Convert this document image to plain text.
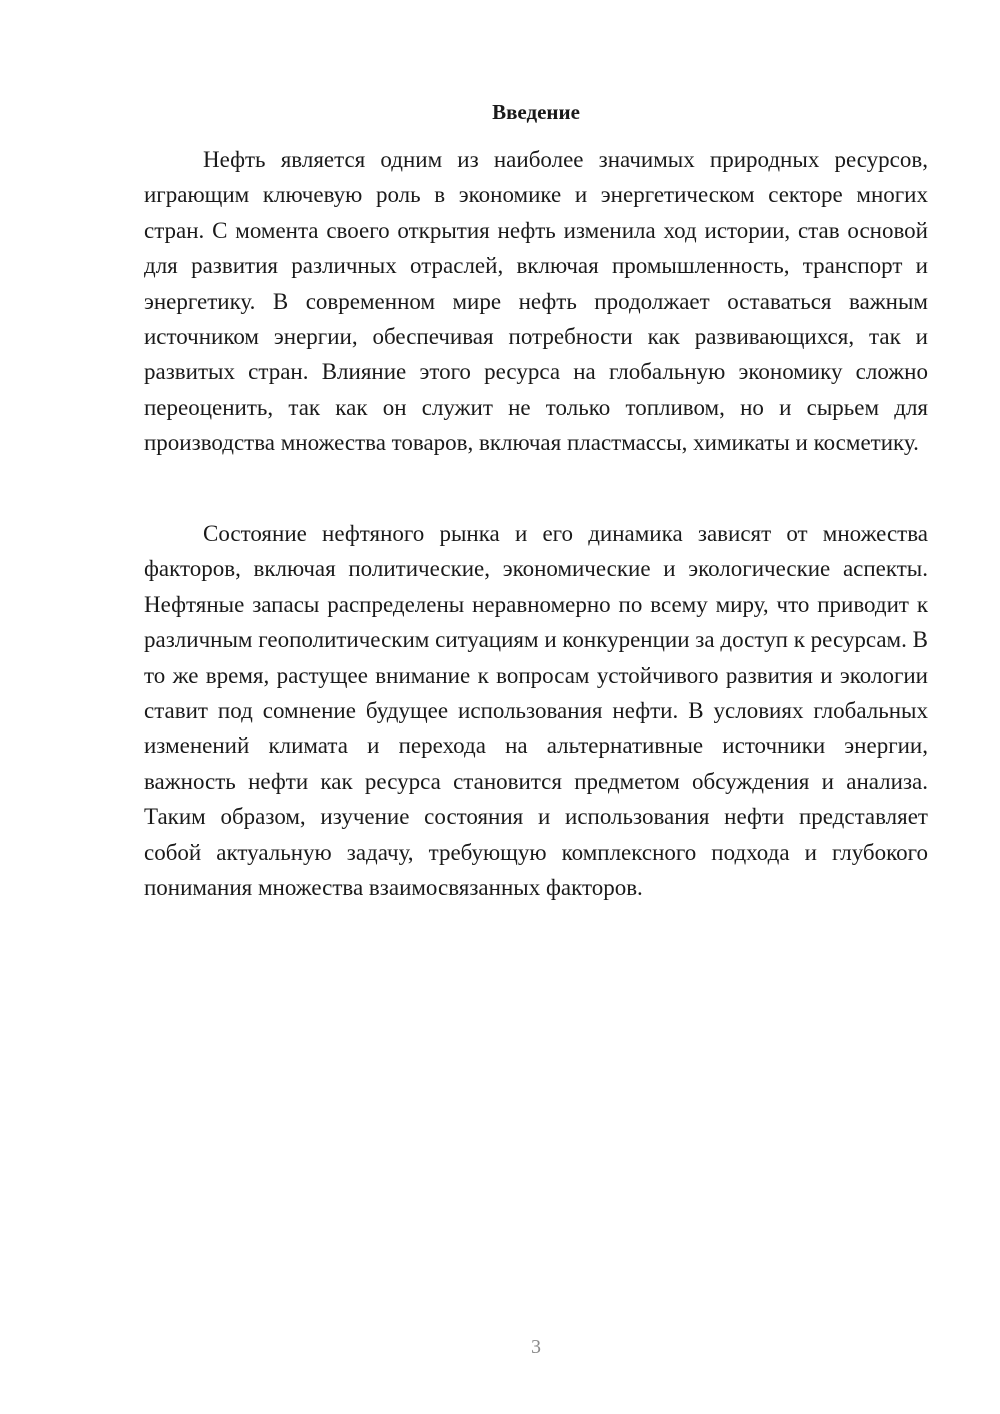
Введение

Нефть является одним из наиболее значимых природных ресурсов, играющим ключевую роль в экономике и энергетическом секторе многих стран. С момента своего открытия нефть изменила ход истории, став основой для развития различных отраслей, включая промышленность, транспорт и энергетику. В современном мире нефть продолжает оставаться важным источником энергии, обеспечивая потребности как развивающихся, так и развитых стран. Влияние этого ресурса на глобальную экономику сложно переоценить, так как он служит не только топливом, но и сырьем для производства множества товаров, включая пластмассы, химикаты и косметику.

Состояние нефтяного рынка и его динамика зависят от множества факторов, включая политические, экономические и экологические аспекты. Нефтяные запасы распределены неравномерно по всему миру, что приводит к различным геополитическим ситуациям и конкуренции за доступ к ресурсам. В то же время, растущее внимание к вопросам устойчивого развития и экологии ставит под сомнение будущее использования нефти. В условиях глобальных изменений климата и перехода на альтернативные источники энергии, важность нефти как ресурса становится предметом обсуждения и анализа. Таким образом, изучение состояния и использования нефти представляет собой актуальную задачу, требующую комплексного подхода и глубокого понимания множества взаимосвязанных факторов.

3
